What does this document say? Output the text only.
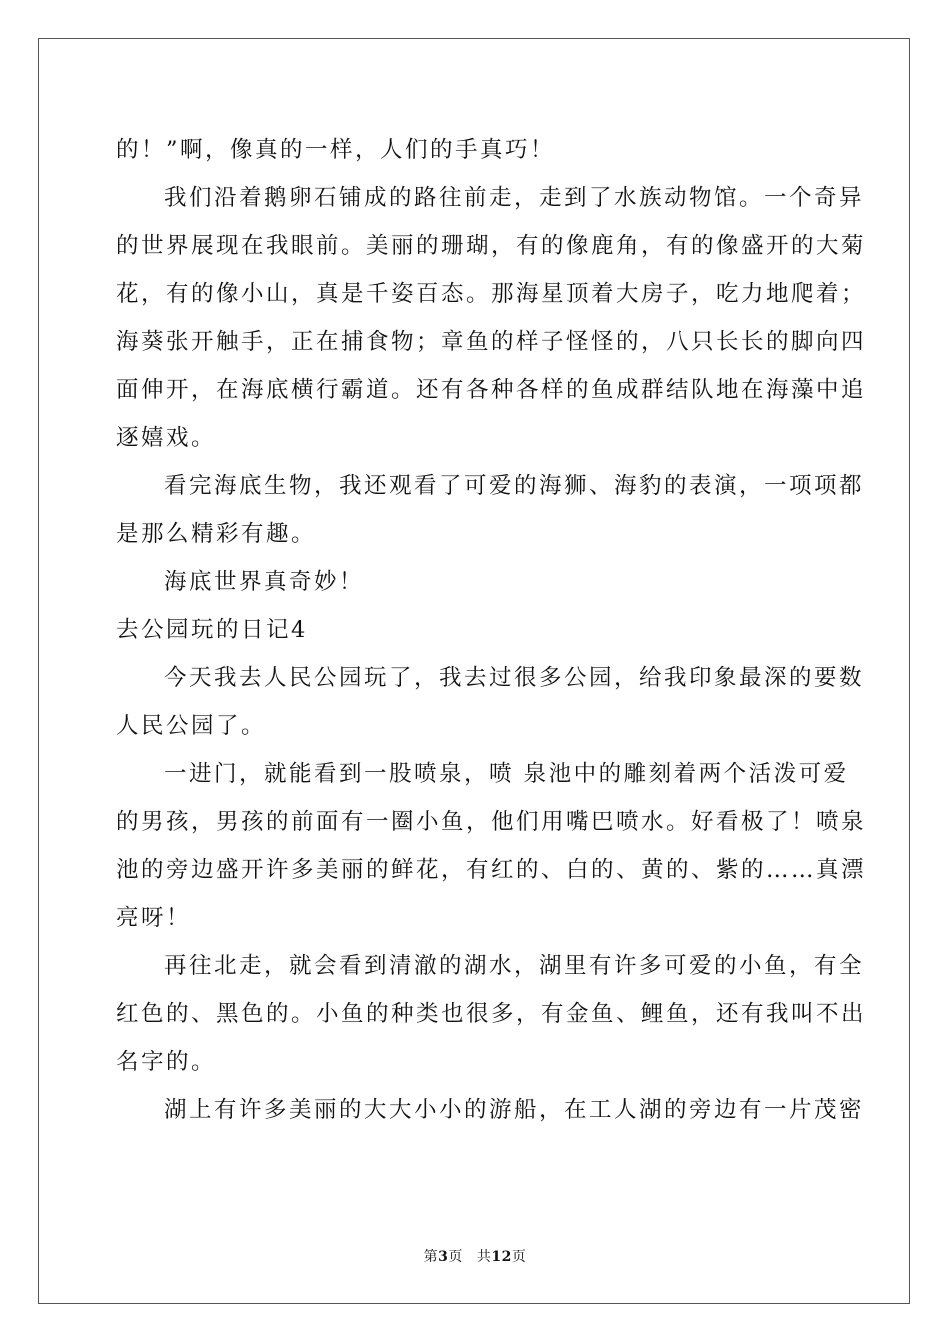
的！”啊，像真的一样，人们的手真巧！
我们沿着鹅卵石铺成的路往前走，走到了水族动物馆。一个奇异
的世界展现在我眼前。美丽的珊瑚，有的像鹿角，有的像盛开的大菊
花，有的像小山，真是千姿百态。那海星顶着大房子，吃力地爬着；
海葵张开触手，正在捕食物；章鱼的样子怪怪的，八只长长的脚向四
面伸开，在海底横行霸道。还有各种各样的鱼成群结队地在海藻中追
逐嬉戏。
看完海底生物，我还观看了可爱的海狮、海豹的表演，一项项都
是那么精彩有趣。
海底世界真奇妙！
去公园玩的日记4
今天我去人民公园玩了，我去过很多公园，给我印象最深的要数
人民公园了。
一进门，就能看到一股喷泉，喷 泉池中的雕刻着两个活泼可爱
的男孩，男孩的前面有一圈小鱼，他们用嘴巴喷水。好看极了！喷泉
池的旁边盛开许多美丽的鲜花，有红的、白的、黄的、紫的……真漂
亮呀！
再往北走，就会看到清澈的湖水，湖里有许多可爱的小鱼，有全
红色的、黑色的。小鱼的种类也很多，有金鱼、鲤鱼，还有我叫不出
名字的。
湖上有许多美丽的大大小小的游船，在工人湖的旁边有一片茂密
第3页 共12页
